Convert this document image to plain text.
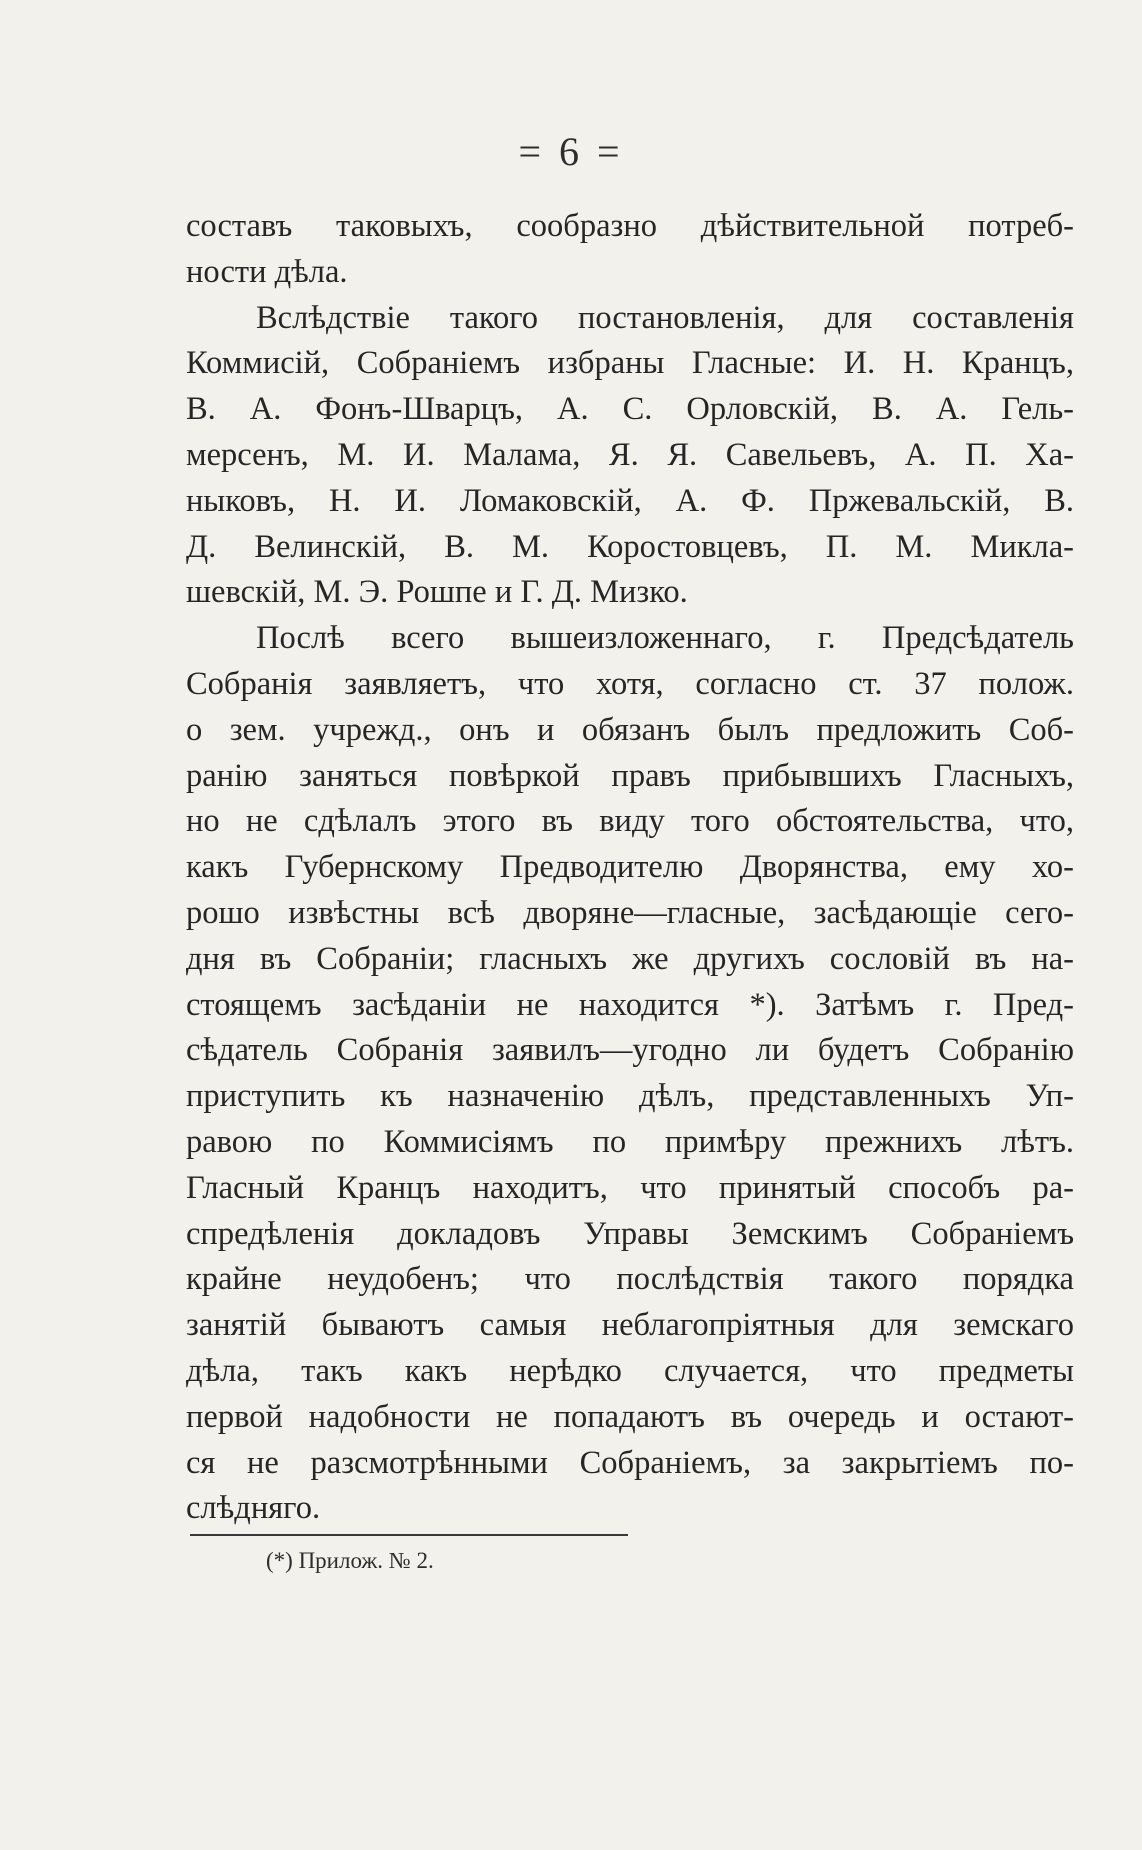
= 6 =
составъ таковыхъ, сообразно дѣйствительной потреб-
ности дѣла.
Вслѣдствіе такого постановленія, для составленія
Коммисій, Собраніемъ избраны Гласные: И. Н. Кранцъ,
В. А. Фонъ-Шварцъ, А. С. Орловскій, В. А. Гель-
мерсенъ, М. И. Малама, Я. Я. Савельевъ, А. П. Ха-
ныковъ, Н. И. Ломаковскій, А. Ф. Пржевальскій, В.
Д. Велинскій, В. М. Коростовцевъ, П. М. Микла-
шевскій, М. Э. Рошпе и Г. Д. Мизко.
Послѣ всего вышеизложеннаго, г. Предсѣдатель
Собранія заявляетъ, что хотя, согласно ст. 37 полож.
о зем. учрежд., онъ и обязанъ былъ предложить Соб-
ранію заняться повѣркой правъ прибывшихъ Гласныхъ,
но не сдѣлалъ этого въ виду того обстоятельства, что,
какъ Губернскому Предводителю Дворянства, ему хо-
рошо извѣстны всѣ дворяне—гласные, засѣдающіе сего-
дня въ Собраніи; гласныхъ же другихъ сословій въ на-
стоящемъ засѣданіи не находится *). Затѣмъ г. Пред-
сѣдатель Собранія заявилъ—угодно ли будетъ Собранію
приступить къ назначенію дѣлъ, представленныхъ Уп-
равою по Коммисіямъ по примѣру прежнихъ лѣтъ.
Гласный Кранцъ находитъ, что принятый способъ ра-
спредѣленія докладовъ Управы Земскимъ Собраніемъ
крайне неудобенъ; что послѣдствія такого порядка
занятій бываютъ самыя неблагопріятныя для земскаго
дѣла, такъ какъ нерѣдко случается, что предметы
первой надобности не попадаютъ въ очередь и остают-
ся не разсмотрѣнными Собраніемъ, за закрытіемъ по-
слѣдняго.
(*) Прилож. № 2.
